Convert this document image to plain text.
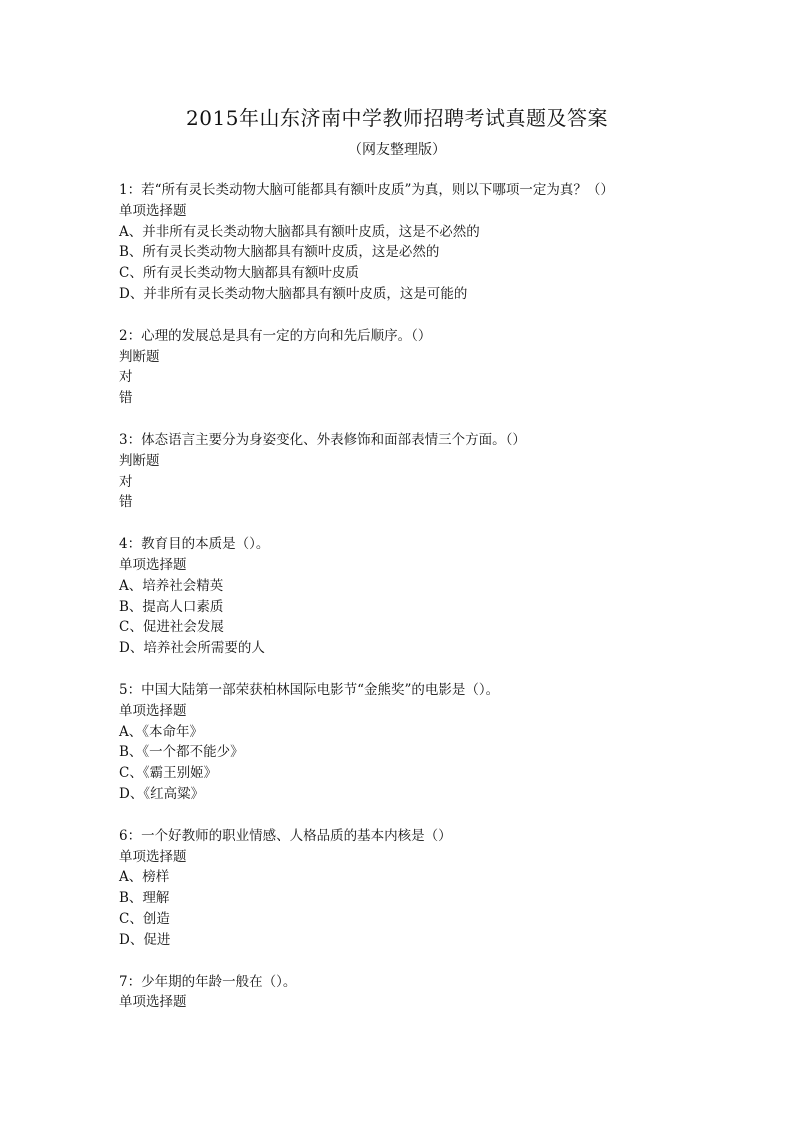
2015年山东济南中学教师招聘考试真题及答案
（网友整理版）
1：若“所有灵长类动物大脑可能都具有额叶皮质”为真，则以下哪项一定为真？（）
单项选择题
A、并非所有灵长类动物大脑都具有额叶皮质，这是不必然的
B、所有灵长类动物大脑都具有额叶皮质，这是必然的
C、所有灵长类动物大脑都具有额叶皮质
D、并非所有灵长类动物大脑都具有额叶皮质，这是可能的
2：心理的发展总是具有一定的方向和先后顺序。（）
判断题
对
错
3：体态语言主要分为身姿变化、外表修饰和面部表情三个方面。（）
判断题
对
错
4：教育目的本质是（）。
单项选择题
A、培养社会精英
B、提高人口素质
C、促进社会发展
D、培养社会所需要的人
5：中国大陆第一部荣获柏林国际电影节“金熊奖”的电影是（）。
单项选择题
A、《本命年》
B、《一个都不能少》
C、《霸王别姬》
D、《红高粱》
6：一个好教师的职业情感、人格品质的基本内核是（）
单项选择题
A、榜样
B、理解
C、创造
D、促进
7：少年期的年龄一般在（）。
单项选择题
